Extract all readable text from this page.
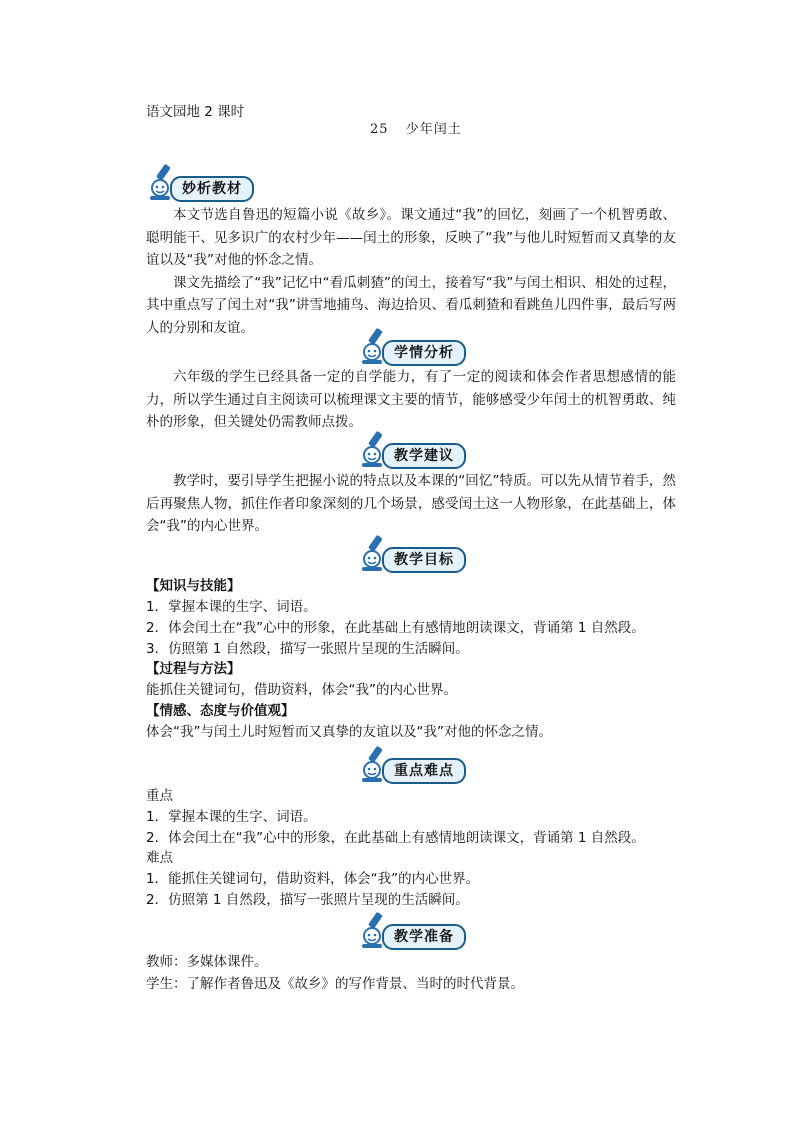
语文园地 2 课时
25 少年闰土
妙析教材

本文节选自鲁迅的短篇小说《故乡》。课文通过“我”的回忆，刻画了一个机智勇敢、聪明能干、见多识广的农村少年——闰土的形象，反映了“我”与他儿时短暂而又真挚的友谊以及“我”对他的怀念之情。

课文先描绘了“我”记忆中“看瓜刺猹”的闰土，接着写“我”与闰土相识、相处的过程，其中重点写了闰土对“我”讲雪地捕鸟、海边拾贝、看瓜刺猹和看跳鱼儿四件事，最后写两人的分别和友谊。

学情分析

六年级的学生已经具备一定的自学能力，有了一定的阅读和体会作者思想感情的能力，所以学生通过自主阅读可以梳理课文主要的情节，能够感受少年闰土的机智勇敢、纯朴的形象，但关键处仍需教师点拨。

教学建议

教学时，要引导学生把握小说的特点以及本课的“回忆”特质。可以先从情节着手，然后再聚焦人物，抓住作者印象深刻的几个场景，感受闰土这一人物形象，在此基础上，体会“我”的内心世界。

教学目标
【知识与技能】
1．掌握本课的生字、词语。
2．体会闰土在“我”心中的形象，在此基础上有感情地朗读课文，背诵第 1 自然段。
3．仿照第 1 自然段，描写一张照片呈现的生活瞬间。
【过程与方法】
能抓住关键词句，借助资料，体会“我”的内心世界。
【情感、态度与价值观】
体会“我”与闰土儿时短暂而又真挚的友谊以及“我”对他的怀念之情。
重点难点
重点
1．掌握本课的生字、词语。
2．体会闰土在“我”心中的形象，在此基础上有感情地朗读课文，背诵第 1 自然段。
难点
1．能抓住关键词句，借助资料，体会“我”的内心世界。
2．仿照第 1 自然段，描写一张照片呈现的生活瞬间。
教学准备
教师：多媒体课件。
学生：了解作者鲁迅及《故乡》的写作背景、当时的时代背景。
